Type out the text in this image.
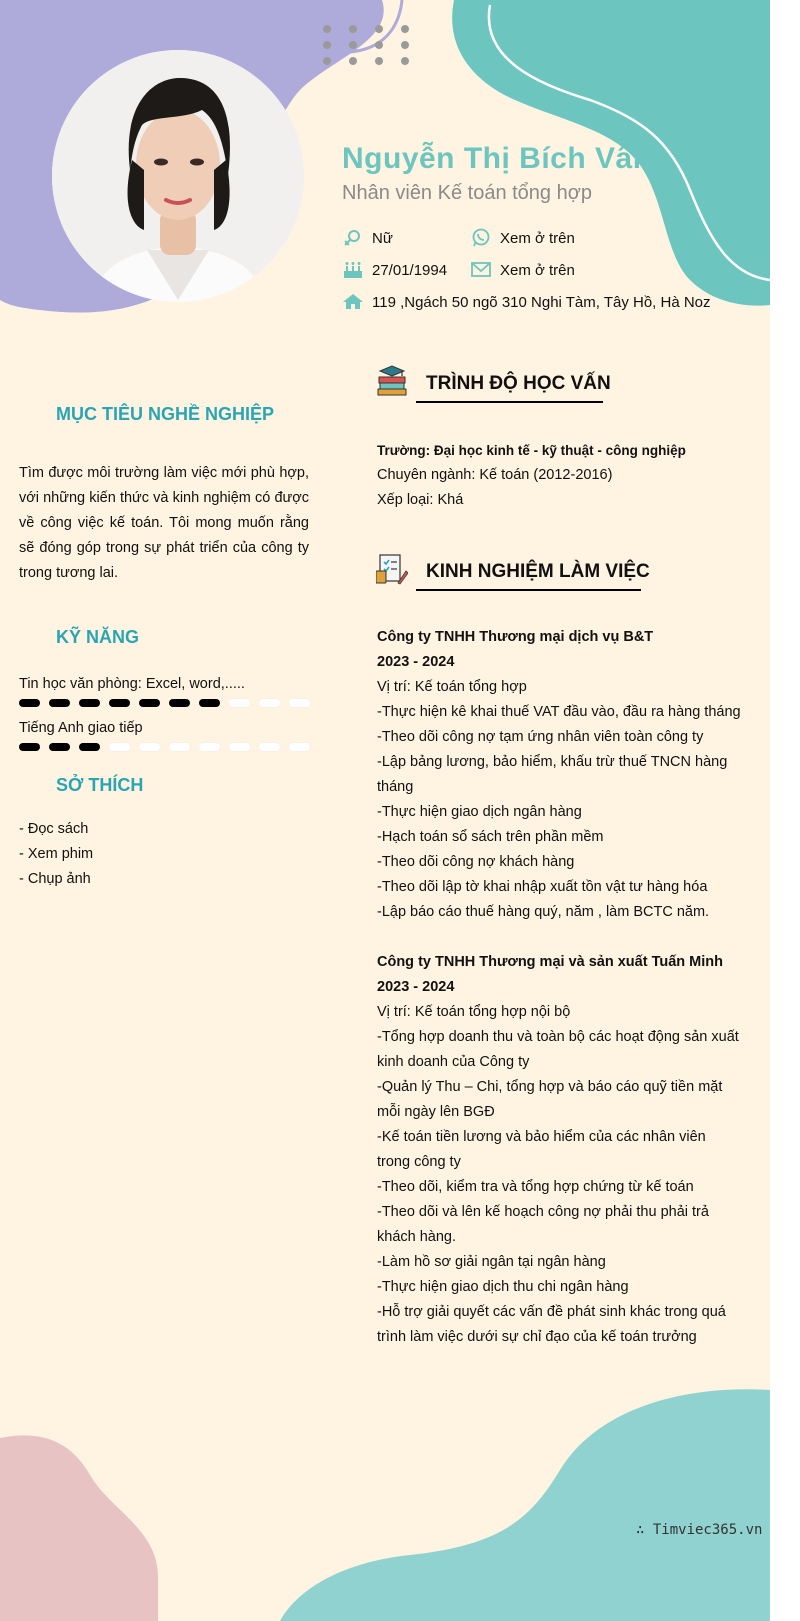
Nguyễn Thị Bích Vân
Nhân viên Kế toán tổng hợp
Nữ	Xem ở trên
27/01/1994	Xem ở trên
119 ,Ngách 50 ngõ 310 Nghi Tàm, Tây Hồ, Hà Noz
MỤC TIÊU NGHỀ NGHIỆP
Tìm được môi trường làm việc mới phù hợp, với những kiến thức và kinh nghiệm có được về công việc kế toán. Tôi mong muốn rằng sẽ đóng góp trong sự phát triển của công ty trong tương lai.
KỸ NĂNG
Tin học văn phòng: Excel, word,.....
Tiếng Anh giao tiếp
SỞ THÍCH
- Đọc sách
- Xem phim
- Chụp ảnh
TRÌNH ĐỘ HỌC VẤN
Trường: Đại học kinh tế - kỹ thuật - công nghiệp
Chuyên ngành: Kế toán (2012-2016)
Xếp loại: Khá
KINH NGHIỆM LÀM VIỆC
Công ty TNHH Thương mại dịch vụ B&T
2023 - 2024
Vị trí: Kế toán tổng hợp
-Thực hiện kê khai thuế VAT đầu vào, đầu ra hàng tháng
-Theo dõi công nợ tạm ứng nhân viên toàn công ty
-Lập bảng lương, bảo hiểm, khấu trừ thuế TNCN hàng tháng
-Thực hiện giao dịch ngân hàng
-Hạch toán sổ sách trên phần mềm
-Theo dõi công nợ khách hàng
-Theo dõi lập tờ khai nhập xuất tồn vật tư hàng hóa
-Lập báo cáo thuế hàng quý, năm , làm BCTC năm.
Công ty TNHH Thương mại và sản xuất Tuấn Minh
2023 - 2024
Vị trí: Kế toán tổng hợp nội bộ
-Tổng hợp doanh thu và toàn bộ các hoạt động sản xuất kinh doanh của Công ty
-Quản lý Thu – Chi, tổng hợp và báo cáo quỹ tiền mặt mỗi ngày lên BGĐ
-Kế toán tiền lương và bảo hiểm của các nhân viên trong công ty
-Theo dõi, kiểm tra và tổng hợp chứng từ kế toán
-Theo dõi và lên kế hoạch công nợ phải thu phải trả khách hàng.
-Làm hồ sơ giải ngân tại ngân hàng
-Thực hiện giao dịch thu chi ngân hàng
-Hỗ trợ giải quyết các vấn đề phát sinh khác trong quá trình làm việc dưới sự chỉ đạo của kế toán trưởng
∴ Timviec365.vn
